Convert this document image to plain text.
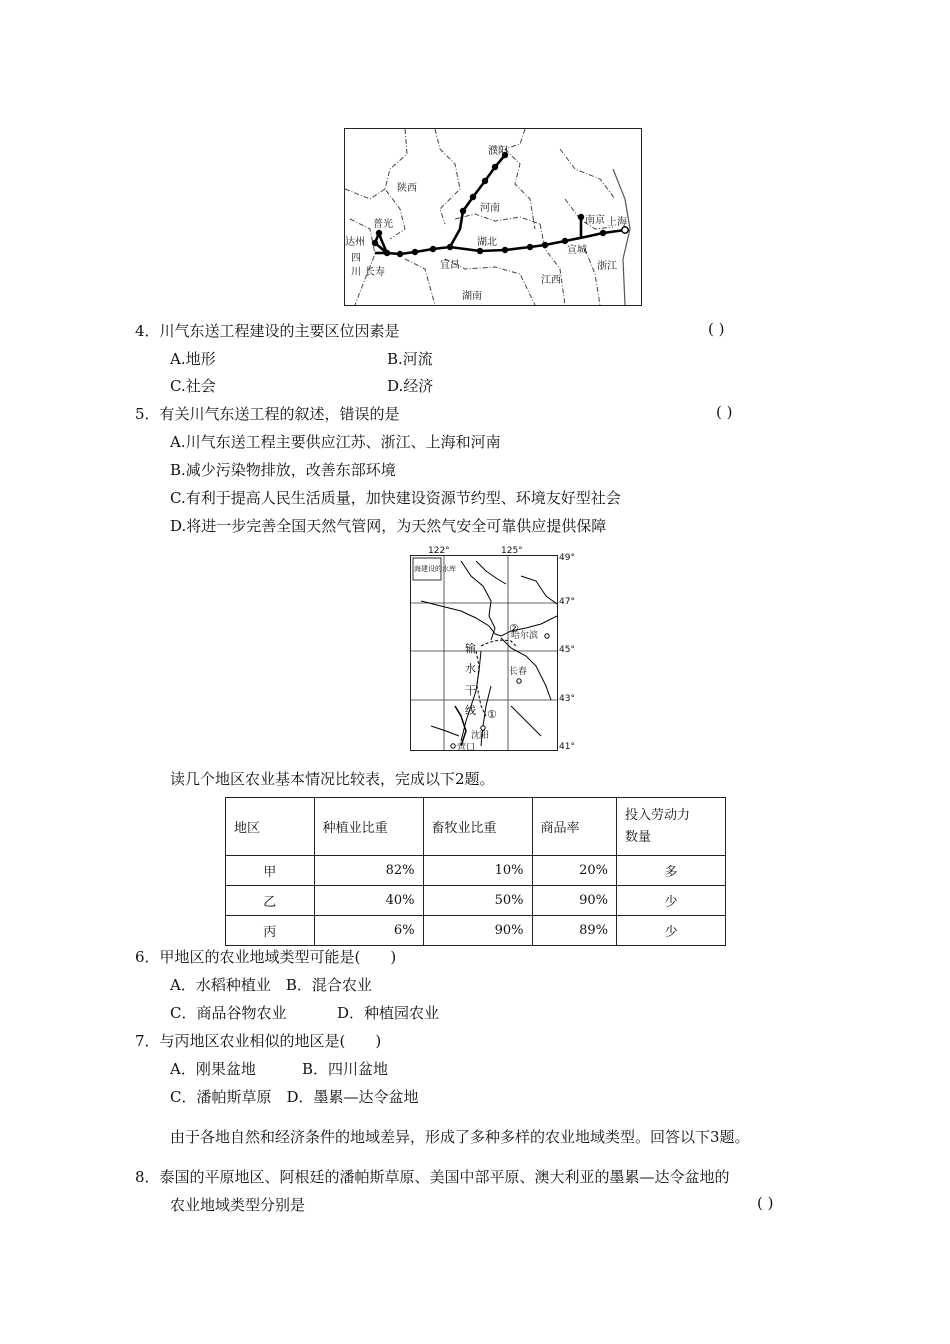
濮阳
陕西
河南
普光
达州
四
川 长寿
湖北
宜昌
南京 上海
宣城
浙江
江西
湖南
4．川气东送工程建设的主要区位因素是	( )
A.地形	B.河流
C.社会	D.经济
5．有关川气东送工程的叙述，错误的是	( )
A.川气东送工程主要供应江苏、浙江、上海和河南
B.减少污染物排放，改善东部环境
C.有利于提高人民生活质量，加快建设资源节约型、环境友好型社会
D.将进一步完善全国天然气管网，为天然气安全可靠供应提供保障
海建设的水库
哈尔滨
长春
沈阳
营口
②
①
输
水
干
线
122°	125°
49°
47°
45°
43°
41°
读几个地区农业基本情况比较表，完成以下2题。
地区	种植业比重	畜牧业比重	商品率	投入劳动力
数量
甲	82%	10%	20%	多
乙	40%	50%	90%	少
丙	6%	90%	89%	少
6．甲地区的农业地域类型可能是(　　)
A．水稻种植业　B．混合农业
C．商品谷物农业	D．种植园农业
7．与丙地区农业相似的地区是(　　)
A．刚果盆地	B．四川盆地
C．潘帕斯草原　D．墨累—达令盆地
由于各地自然和经济条件的地域差异，形成了多种多样的农业地域类型。回答以下3题。
8．泰国的平原地区、阿根廷的潘帕斯草原、美国中部平原、澳大利亚的墨累—达令盆地的
农业地域类型分别是	( )
